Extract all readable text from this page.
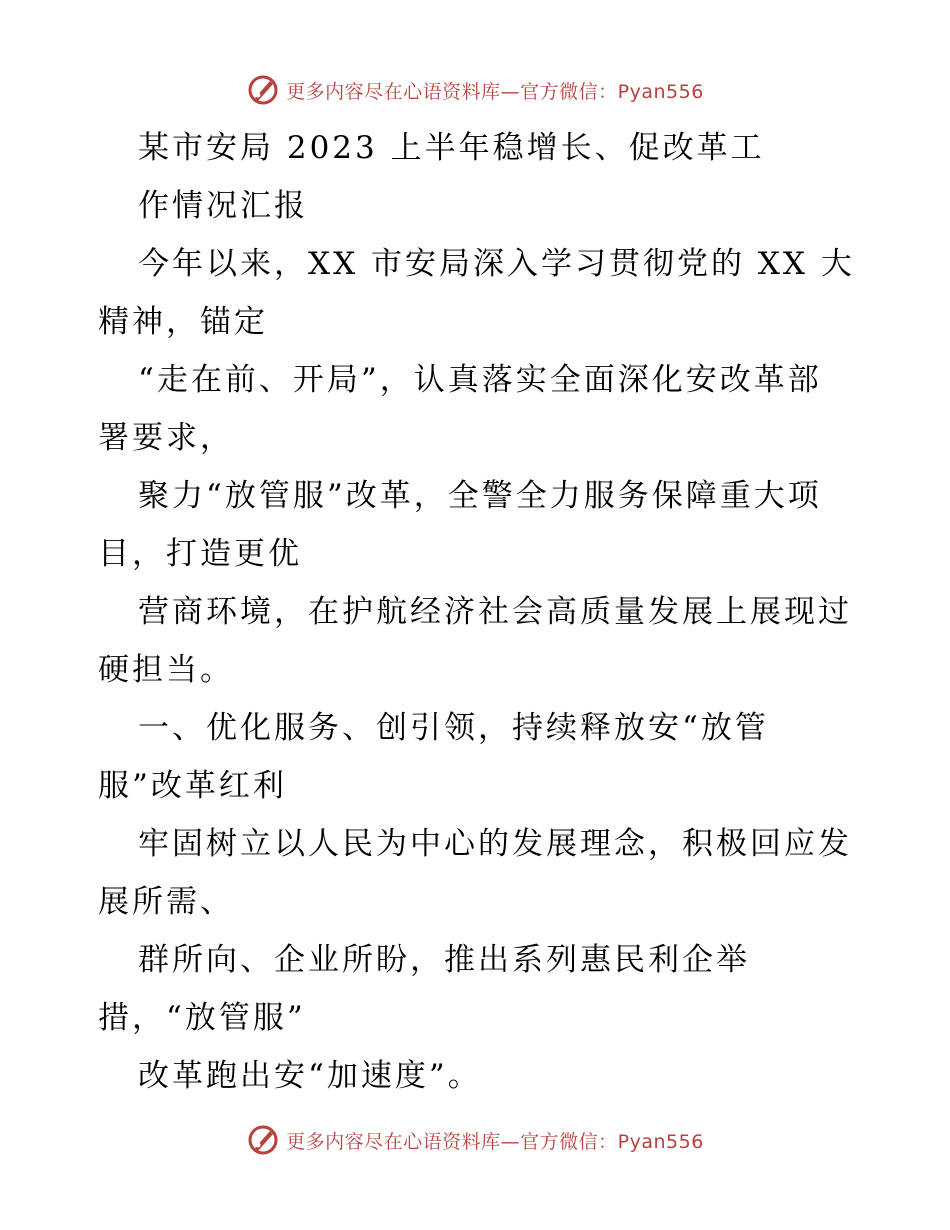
更多内容尽在心语资料库—官方微信：Pyan556
某市安局 2023 上半年稳增长、促改革工
作情况汇报
今年以来，XX 市安局深入学习贯彻党的 XX 大
精神，锚定
“走在前、开局”，认真落实全面深化安改革部
署要求，
聚力“放管服”改革，全警全力服务保障重大项
目，打造更优
营商环境，在护航经济社会高质量发展上展现过
硬担当。
一、优化服务、创引领，持续释放安“放管
服”改革红利
牢固树立以人民为中心的发展理念，积极回应发
展所需、
群所向、企业所盼，推出系列惠民利企举
措，“放管服”
改革跑出安“加速度”。
更多内容尽在心语资料库—官方微信：Pyan556
